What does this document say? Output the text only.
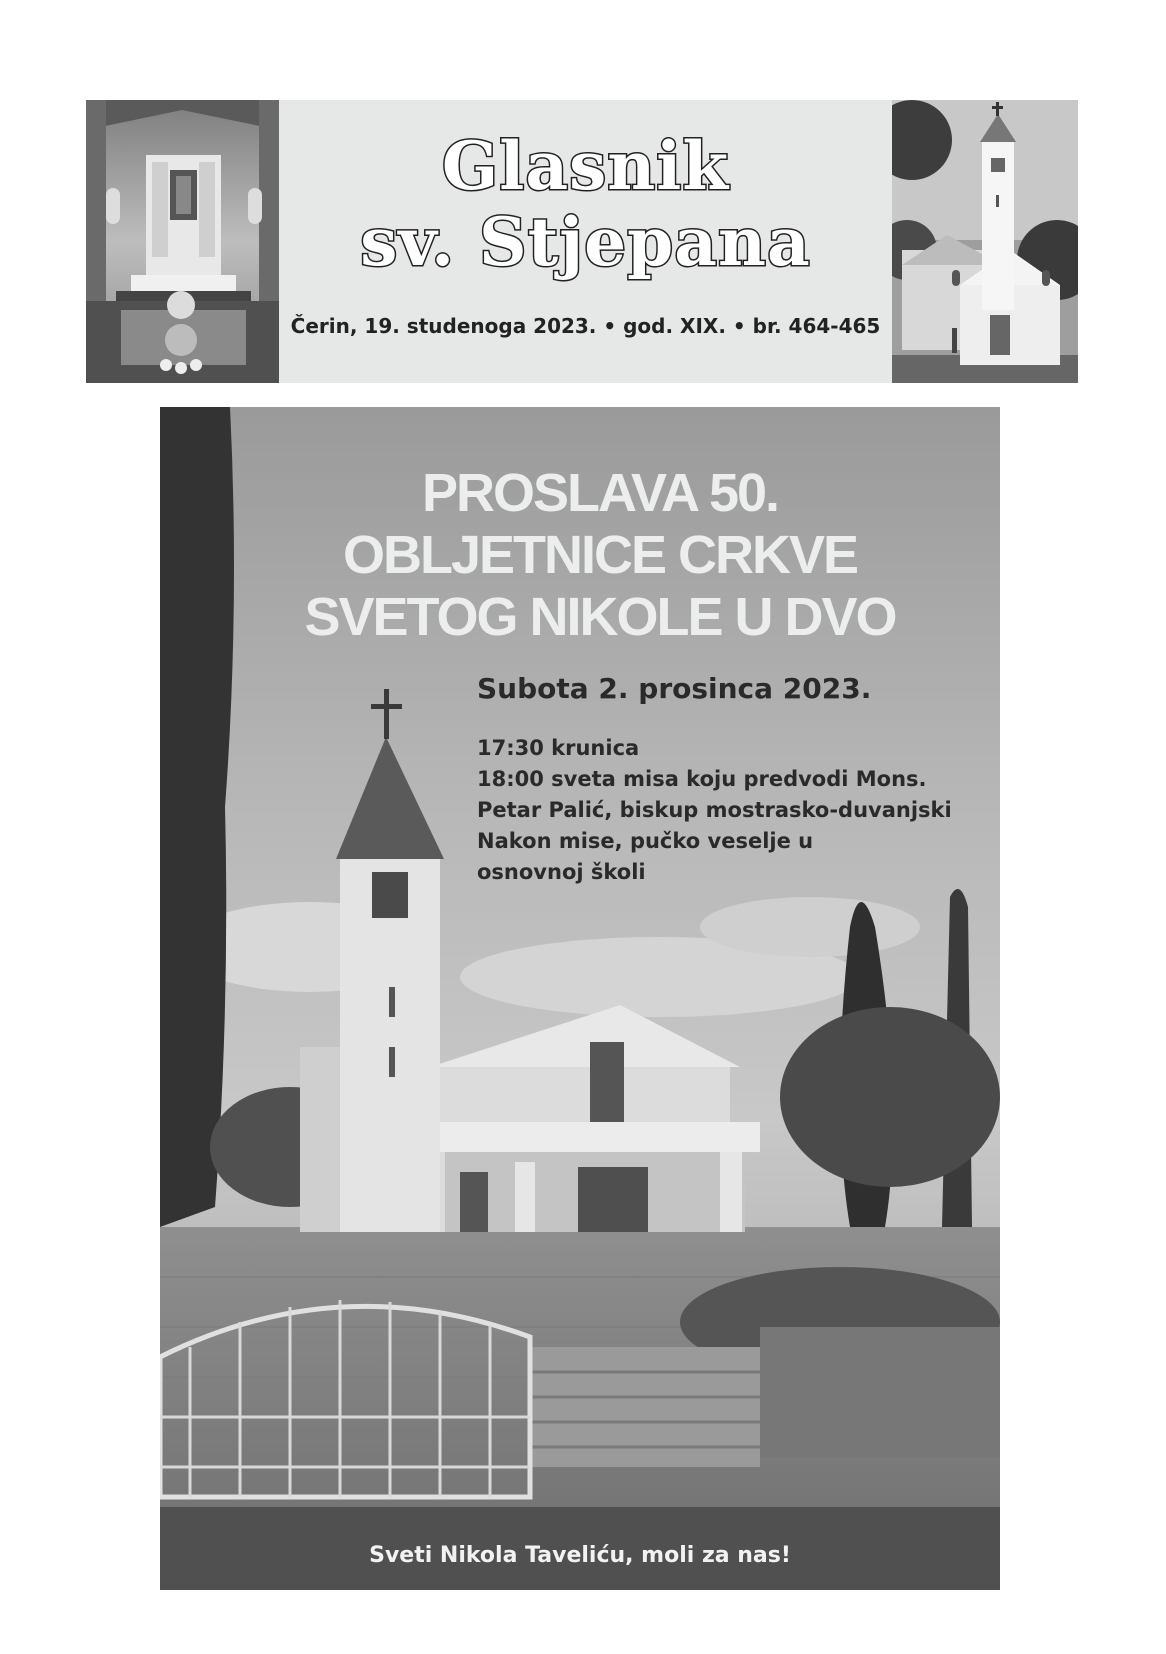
Glasnik
sv. Stjepana
Čerin, 19. studenoga 2023. • god. XIX. • br. 464-465
PROSLAVA 50.
OBLJETNICE CRKVE
SVETOG NIKOLE U DVO
Subota 2. prosinca 2023.
17:30 krunica
18:00 sveta misa koju predvodi Mons.
Petar Palić, biskup mostrasko-duvanjski
Nakon mise, pučko veselje u
osnovnoj školi
Sveti Nikola Taveliću, moli za nas!
